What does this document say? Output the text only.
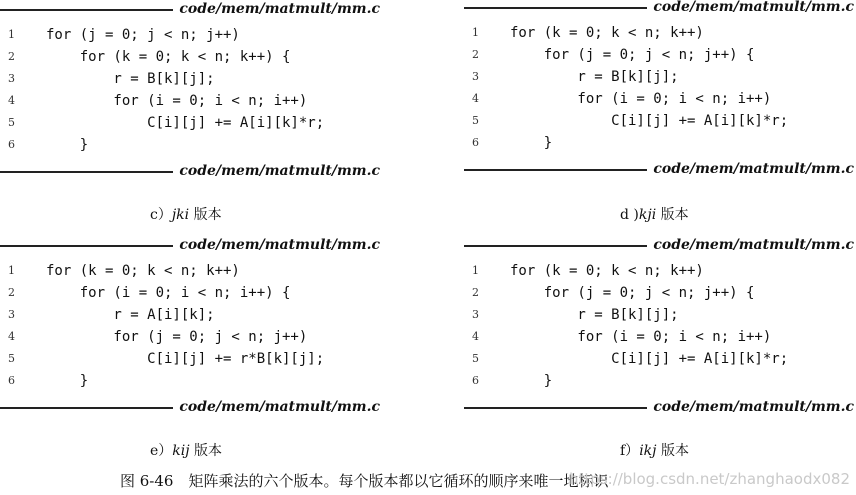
code/mem/matmult/mm.c
1	for (j = 0; j < n; j++)
2	for (k = 0; k < n; k++) {
3	r = B[k][j];
4	for (i = 0; i < n; i++)
5	C[i][j] += A[i][k]*r;
6	}
code/mem/matmult/mm.c
c）jki 版本
code/mem/matmult/mm.c
1	for (k = 0; k < n; k++)
2	for (j = 0; j < n; j++) {
3	r = B[k][j];
4	for (i = 0; i < n; i++)
5	C[i][j] += A[i][k]*r;
6	}
code/mem/matmult/mm.c
d )kji 版本
code/mem/matmult/mm.c
1	for (k = 0; k < n; k++)
2	for (i = 0; i < n; i++) {
3	r = A[i][k];
4	for (j = 0; j < n; j++)
5	C[i][j] += r*B[k][j];
6	}
code/mem/matmult/mm.c
e）kij 版本
code/mem/matmult/mm.c
1	for (k = 0; k < n; k++)
2	for (j = 0; j < n; j++) {
3	r = B[k][j];
4	for (i = 0; i < n; i++)
5	C[i][j] += A[i][k]*r;
6	}
code/mem/matmult/mm.c
f）ikj 版本
图 6-46　矩阵乘法的六个版本。每个版本都以它循环的顺序来唯一地标识
https://blog.csdn.net/zhanghaodx082
